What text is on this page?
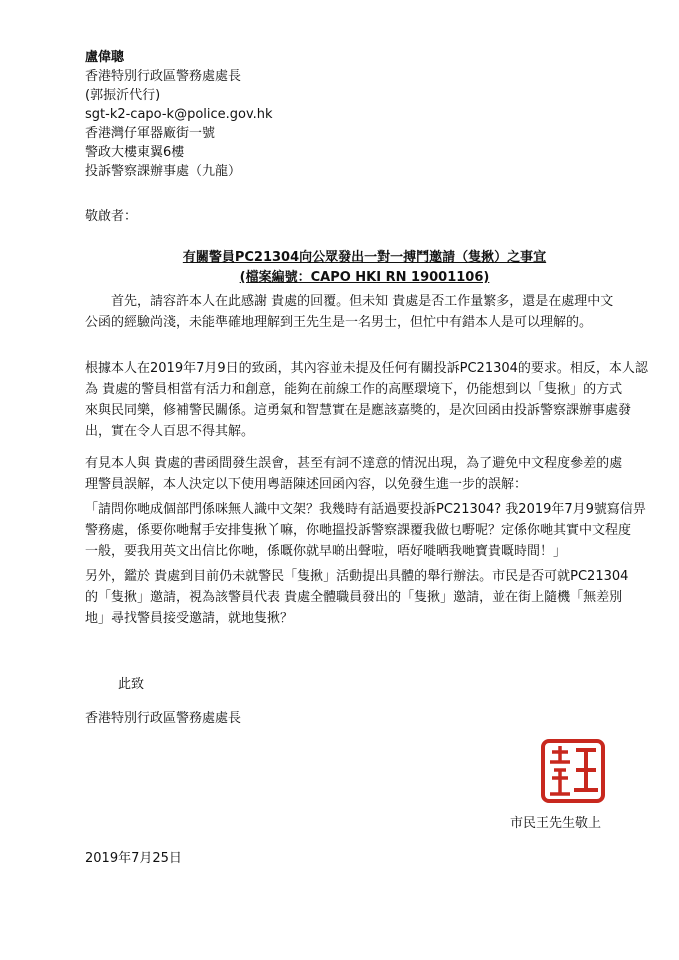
盧偉聰
香港特別行政區警務處處長
(郭振沂代行)
sgt-k2-capo-k@police.gov.hk
香港灣仔軍器廠街一號
警政大樓東翼6樓
投訴警察課辦事處（九龍）
敬啟者：
有關警員PC21304向公眾發出一對一搏鬥邀請（隻揪）之事宜
(檔案編號：CAPO HKI RN 19001106)
　　首先，請容許本人在此感謝 貴處的回覆。但未知 貴處是否工作量繁多，還是在處理中文
公函的經驗尚淺，未能準確地理解到王先生是一名男士，但忙中有錯本人是可以理解的。
根據本人在2019年7月9日的致函，其內容並未提及任何有關投訴PC21304的要求。相反，本人認
為 貴處的警員相當有活力和創意，能夠在前線工作的高壓環境下，仍能想到以「隻揪」的方式
來與民同樂，修補警民關係。這勇氣和智慧實在是應該嘉獎的，是次回函由投訴警察課辦事處發
出，實在令人百思不得其解。
有見本人與 貴處的書函間發生誤會，甚至有詞不達意的情況出現，為了避免中文程度參差的處
理警員誤解，本人決定以下使用粵語陳述回函內容，以免發生進一步的誤解：
「請問你哋成個部門係咪無人識中文架？我幾時有話過要投訴PC21304? 我2019年7月9號寫信畀
警務處，係要你哋幫手安排隻揪丫嘛，你哋搵投訴警察課覆我做乜嘢呢？定係你哋其實中文程度
一般，要我用英文出信比你哋，係嘅你就早啲出聲啦，唔好嘥晒我哋寶貴嘅時間！」
另外，鑑於 貴處到目前仍未就警民「隻揪」活動提出具體的舉行辦法。市民是否可就PC21304
的「隻揪」邀請，視為該警員代表 貴處全體職員發出的「隻揪」邀請，並在街上隨機「無差別
地」尋找警員接受邀請，就地隻揪？
此致
香港特別行政區警務處處長
市民王先生敬上
2019年7月25日
